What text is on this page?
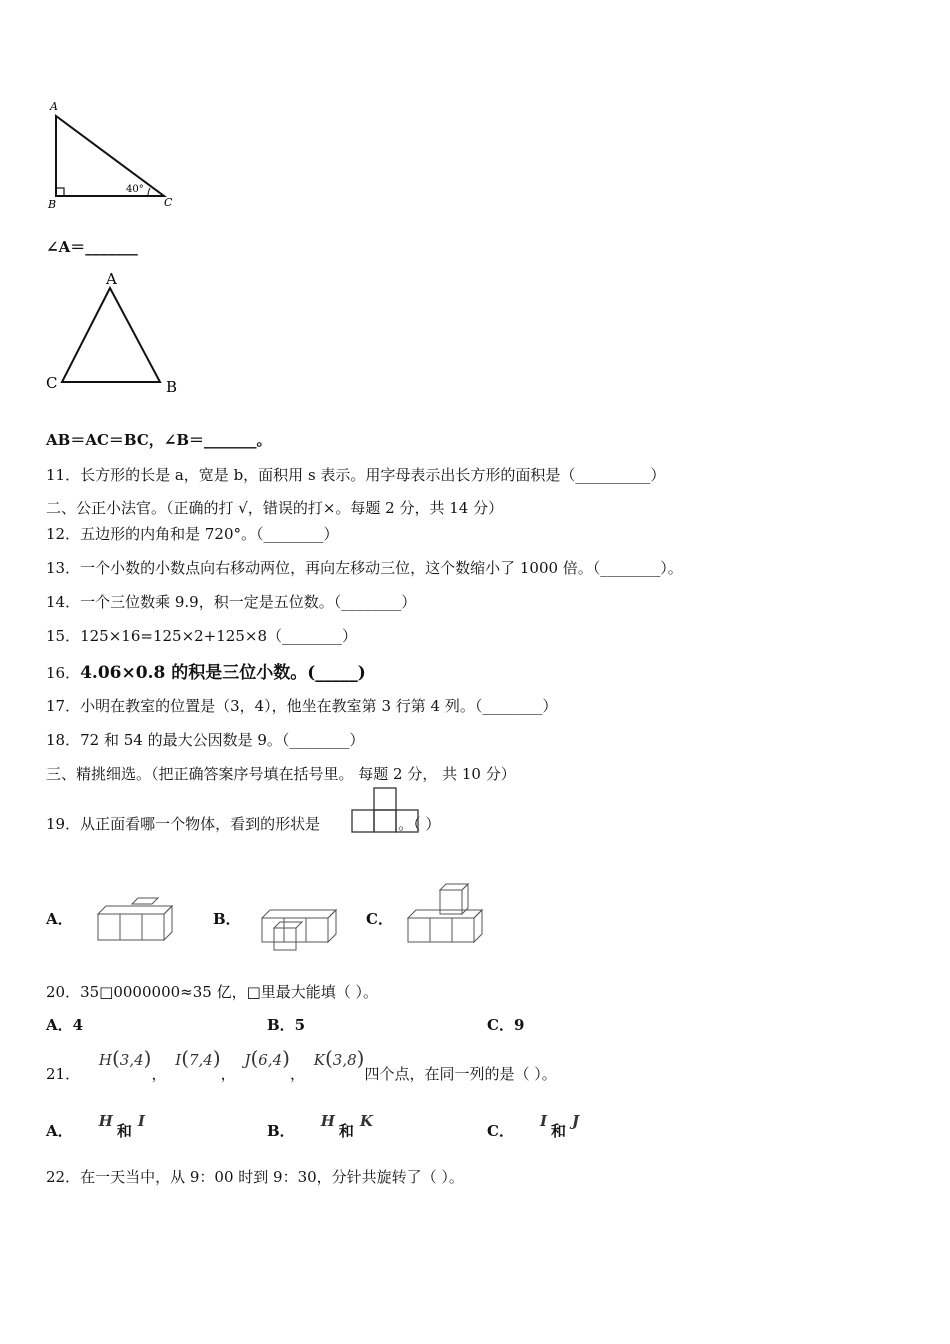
A
B	C
40°
∠A＝_______
A
C	B
AB＝AC＝BC，∠B＝_______。
11．长方形的长是 a，宽是 b，面积用 s 表示。用字母表示出长方形的面积是（__________）
二、公正小法官。（正确的打 √，错误的打×。每题 2 分，共 14 分）
12．五边形的内角和是 720°。（________）
13．一个小数的小数点向右移动两位，再向左移动三位，这个数缩小了 1000 倍。（________）。
14．一个三位数乘 9.9，积一定是五位数。（________）
15．125×16=125×2+125×8（________）
16．4.06×0.8 的积是三位小数。(_____)
17．小明在教室的位置是（3，4），他坐在教室第 3 行第 4 列。（________）
18．72 和 54 的最大公因数是 9。（________）
三、精挑细选。（把正确答案序号填在括号里。 每题 2 分， 共 10 分）
19．从正面看哪一个物体，看到的形状是	。（ ）
A．	B．	C．
20．35□0000000≈35 亿，□里最大能填（ ）。
A．4	B．5	C．9
21． H(3,4)， I(7,4)， J(6,4)， K(3,8)四个点，在同一列的是（ ）。
A．H和I
B．H和K
C．I和J
22．在一天当中，从 9：00 时到 9：30，分针共旋转了（ ）。
